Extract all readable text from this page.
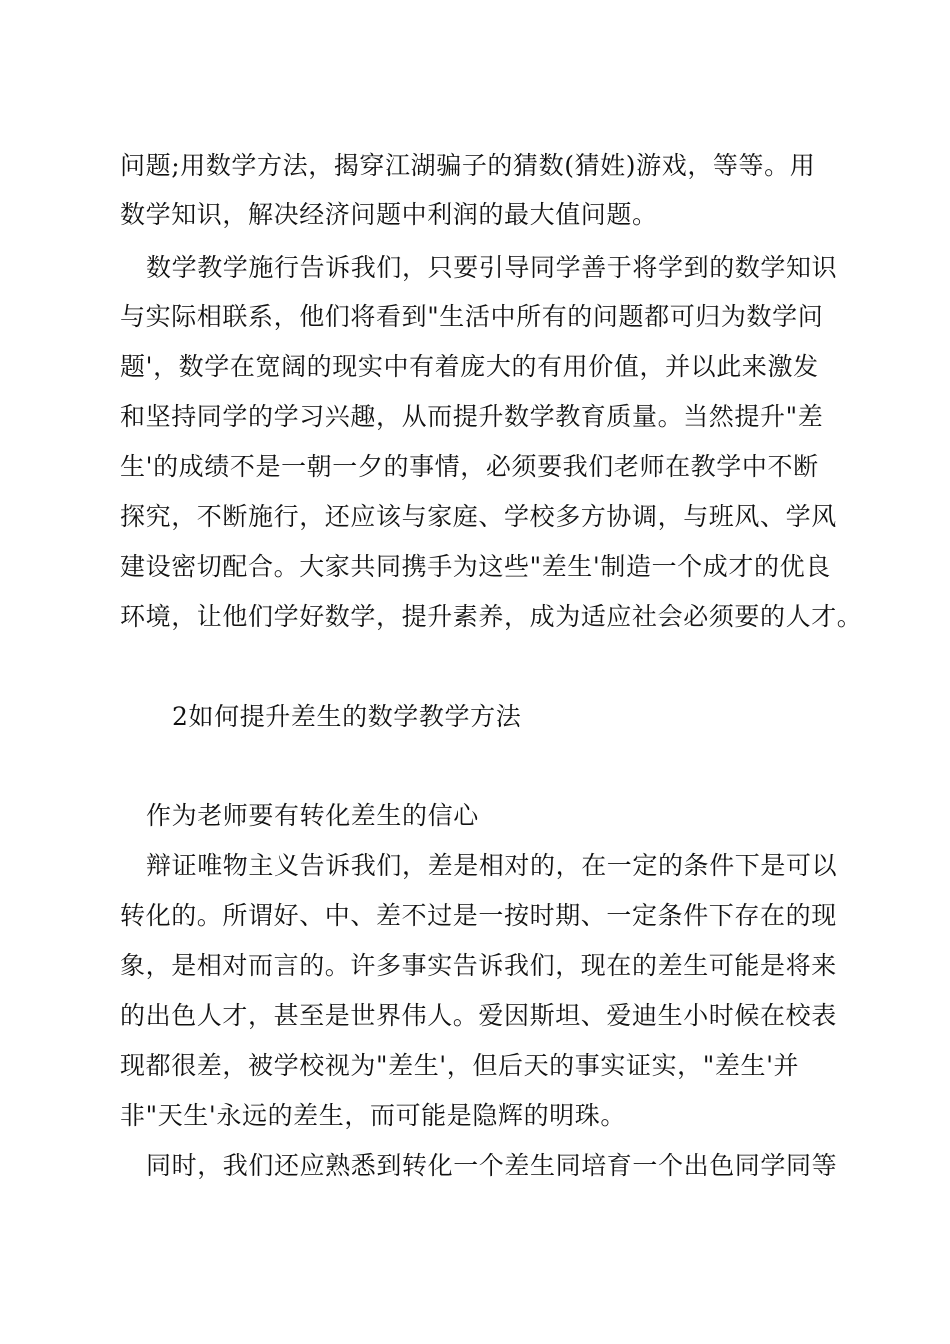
问题;用数学方法，揭穿江湖骗子的猜数(猜姓)游戏，等等。用
数学知识，解决经济问题中利润的最大值问题。
数学教学施行告诉我们，只要引导同学善于将学到的数学知识
与实际相联系，他们将看到"生活中所有的问题都可归为数学问
题'，数学在宽阔的现实中有着庞大的有用价值，并以此来激发
和坚持同学的学习兴趣，从而提升数学教育质量。当然提升"差
生'的成绩不是一朝一夕的事情，必须要我们老师在教学中不断
探究，不断施行，还应该与家庭、学校多方协调，与班风、学风
建设密切配合。大家共同携手为这些"差生'制造一个成才的优良
环境，让他们学好数学，提升素养，成为适应社会必须要的人才。
2如何提升差生的数学教学方法
作为老师要有转化差生的信心
辩证唯物主义告诉我们，差是相对的，在一定的条件下是可以
转化的。所谓好、中、差不过是一按时期、一定条件下存在的现
象，是相对而言的。许多事实告诉我们，现在的差生可能是将来
的出色人才，甚至是世界伟人。爱因斯坦、爱迪生小时候在校表
现都很差，被学校视为"差生'，但后天的事实证实，"差生'并
非"天生'永远的差生，而可能是隐辉的明珠。
同时，我们还应熟悉到转化一个差生同培育一个出色同学同等
